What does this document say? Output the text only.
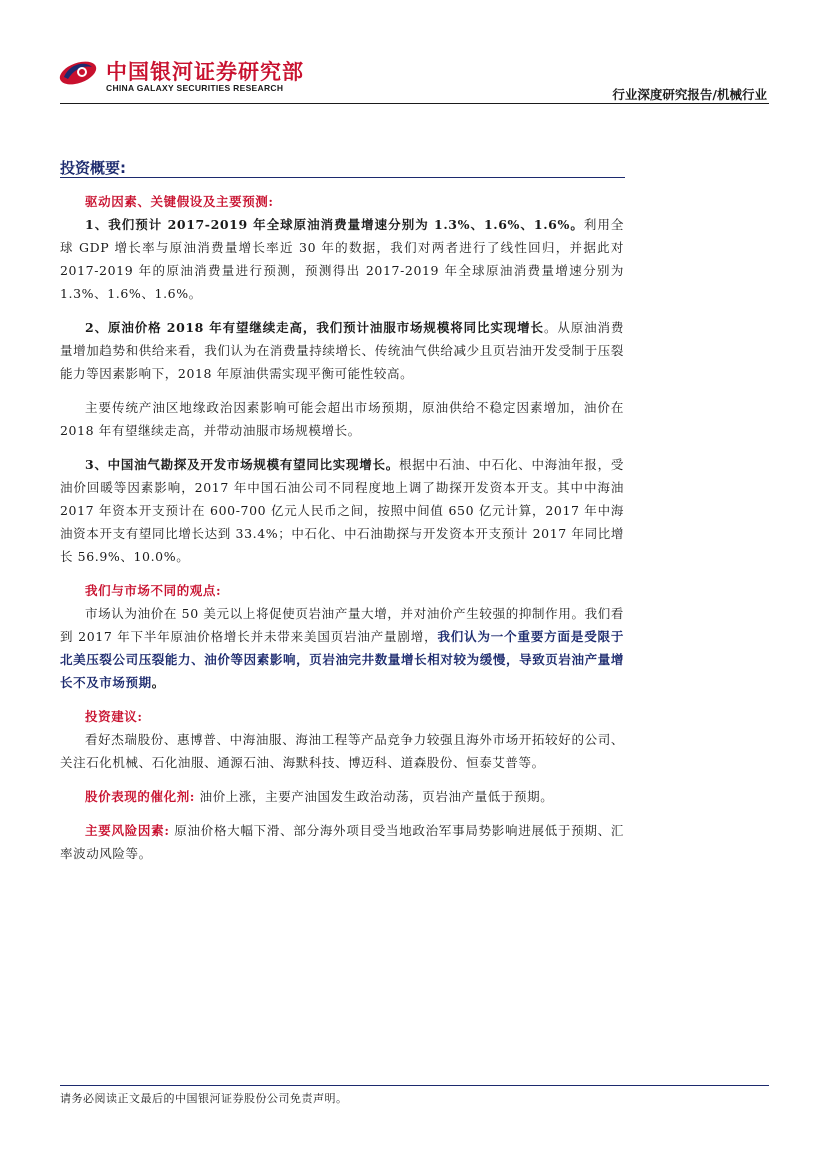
中国银河证券研究部
CHINA GALAXY SECURITIES RESEARCH	行业深度研究报告/机械行业
投资概要:

驱动因素、关键假设及主要预测:

1、我们预计 2017-2019 年全球原油消费量增速分别为 1.3%、1.6%、1.6%。利用全球 GDP 增长率与原油消费量增长率近 30 年的数据，我们对两者进行了线性回归，并据此对 2017-2019 年的原油消费量进行预测，预测得出 2017-2019 年全球原油消费量增速分别为 1.3%、1.6%、1.6%。

2、原油价格 2018 年有望继续走高，我们预计油服市场规模将同比实现增长。从原油消费量增加趋势和供给来看，我们认为在消费量持续增长、传统油气供给减少且页岩油开发受制于压裂能力等因素影响下，2018 年原油供需实现平衡可能性较高。

主要传统产油区地缘政治因素影响可能会超出市场预期，原油供给不稳定因素增加，油价在 2018 年有望继续走高，并带动油服市场规模增长。

3、中国油气勘探及开发市场规模有望同比实现增长。根据中石油、中石化、中海油年报，受油价回暖等因素影响，2017 年中国石油公司不同程度地上调了勘探开发资本开支。其中中海油 2017 年资本开支预计在 600-700 亿元人民币之间，按照中间值 650 亿元计算，2017 年中海油资本开支有望同比增长达到 33.4%；中石化、中石油勘探与开发资本开支预计 2017 年同比增长 56.9%、10.0%。

我们与市场不同的观点:

市场认为油价在 50 美元以上将促使页岩油产量大增，并对油价产生较强的抑制作用。我们看到 2017 年下半年原油价格增长并未带来美国页岩油产量剧增，我们认为一个重要方面是受限于北美压裂公司压裂能力、油价等因素影响，页岩油完井数量增长相对较为缓慢，导致页岩油产量增长不及市场预期。

投资建议:

看好杰瑞股份、惠博普、中海油服、海油工程等产品竞争力较强且海外市场开拓较好的公司、关注石化机械、石化油服、通源石油、海默科技、博迈科、道森股份、恒泰艾普等。

股价表现的催化剂: 油价上涨，主要产油国发生政治动荡，页岩油产量低于预期。

主要风险因素: 原油价格大幅下滑、部分海外项目受当地政治军事局势影响进展低于预期、汇率波动风险等。

请务必阅读正文最后的中国银河证券股份公司免责声明。
